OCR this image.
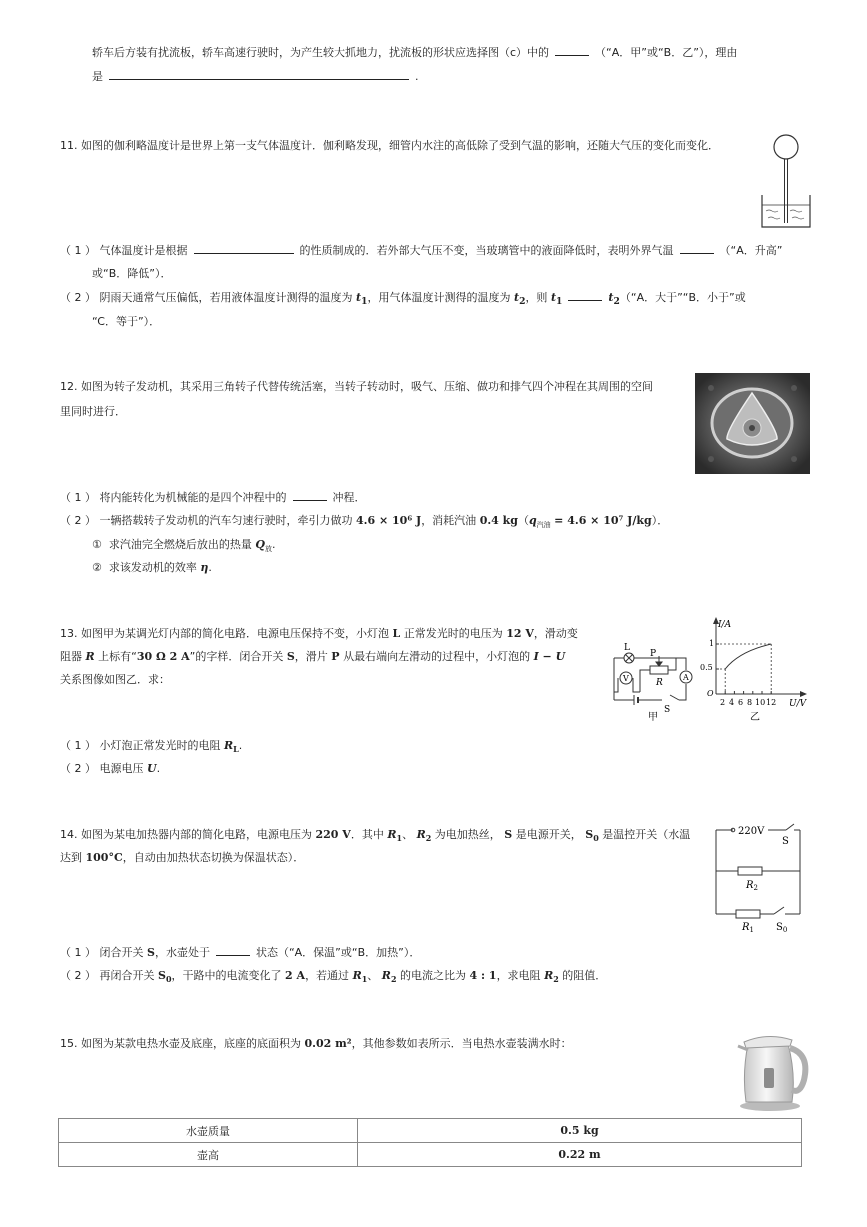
轿车后方装有扰流板，轿车高速行驶时，为产生较大抓地力，扰流板的形状应选择图（c）中的	（“A．甲”或“B．乙”），理由
是	.
11. 如图的伽利略温度计是世界上第一支气体温度计．伽利略发现，细管内水注的高低除了受到气温的影响，还随大气压的变化而变化．
（ 1 ） 气体温度计是根据	的性质制成的．若外部大气压不变，当玻璃管中的液面降低时，表明外界气温	（“A．升高”
或“B．降低”）．
（ 2 ） 阴雨天通常气压偏低，若用液体温度计测得的温度为 $t_1$，用气体温度计测得的温度为 $t_2$，则 $t_1$	$t_2(“A$．大于”“B．小于”或
“C．等于”）．
12. 如图为转子发动机，其采用三角转子代替传统活塞，当转子转动时，吸气、压缩、做功和排气四个冲程在其周围的空间
里同时进行．
（ 1 ） 将内能转化为机械能的是四个冲程中的	冲程．
（ 2 ） 一辆搭载转子发动机的汽车匀速行驶时，牵引力做功 4.6 × 10⁶ J，消耗汽油 0.4 $kg(q_{汽油} = 4.6 \times 10^7$ J/kg）．
① 求汽油完全燃烧后放出的热量 $Q_放$.
② 求该发动机的效率 η.
13. 如图甲为某调光灯内部的简化电路．电源电压保持不变，小灯泡 L 正常发光时的电压为 12 V，滑动变
阻器 R 上标有“30 Ω 2 A”的字样．闭合开关 S，滑片 P 从最右端向左滑动的过程中，小灯泡的 I − U
关系图像如图乙．求：
L
P
R
V	A
S
甲
I/A
U/V
O
1
0.5
2 4 6 8 10 12
乙
（ 1 ） 小灯泡正常发光时的电阻 $R_L$.
（ 2 ） 电源电压 U.
14. 如图为某电加热器内部的简化电路，电源电压为 220 V．其中 $R_1$、 $R_2$ 为电加热丝， S 是电源开关， $S_0$ 是温控开关（水温
达到 100°C，自动由加热状态切换为保温状态）．
220V
S
$R_2$
$R_1$ $S_0$
（ 1 ） 闭合开关 S，水壶处于	状态（“A．保温”或“B．加热”）．
（ 2 ） 再闭合开关 $S_0$，干路中的电流变化了 2 A，若通过 $R_1$、 $R_2$ 的电流之比为 4 : 1，求电阻 $R_2$ 的阻值．
15. 如图为某款电热水壶及底座，底座的底面积为 0.02 m²，其他参数如表所示．当电热水壶装满水时：
水壶质量	0.5 kg
壶高	0.22 m
